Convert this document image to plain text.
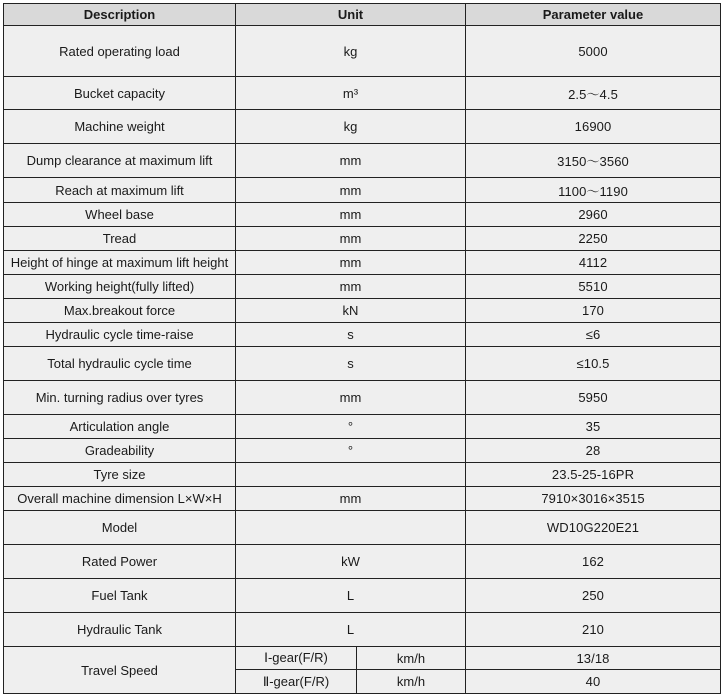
Description	Unit		Parameter value
Rated operating load	kg		5000
Bucket capacity	m³		2.5～4.5
Machine weight	kg		16900
Dump clearance at maximum lift	mm		3150～3560
Reach at maximum lift	mm		1100～1190
Wheel base	mm		2960
Tread	mm		2250
Height of hinge at maximum lift height	mm		4112
Working height(fully lifted)	mm		5510
Max.breakout force	kN		170
Hydraulic cycle time-raise	s		≤6
Total hydraulic cycle time	s		≤10.5
Min. turning radius over tyres	mm		5950
Articulation angle	°		35
Gradeability	°		28
Tyre size			23.5-25-16PR
Overall machine dimension L×W×H	mm		7910×3016×3515
Model			WD10G220E21
Rated Power	kW		162
Fuel Tank	L		250
Hydraulic Tank	L		210
Travel Speed	Ⅰ-gear(F/R)	km/h	13/18
	Ⅱ-gear(F/R)	km/h	40
